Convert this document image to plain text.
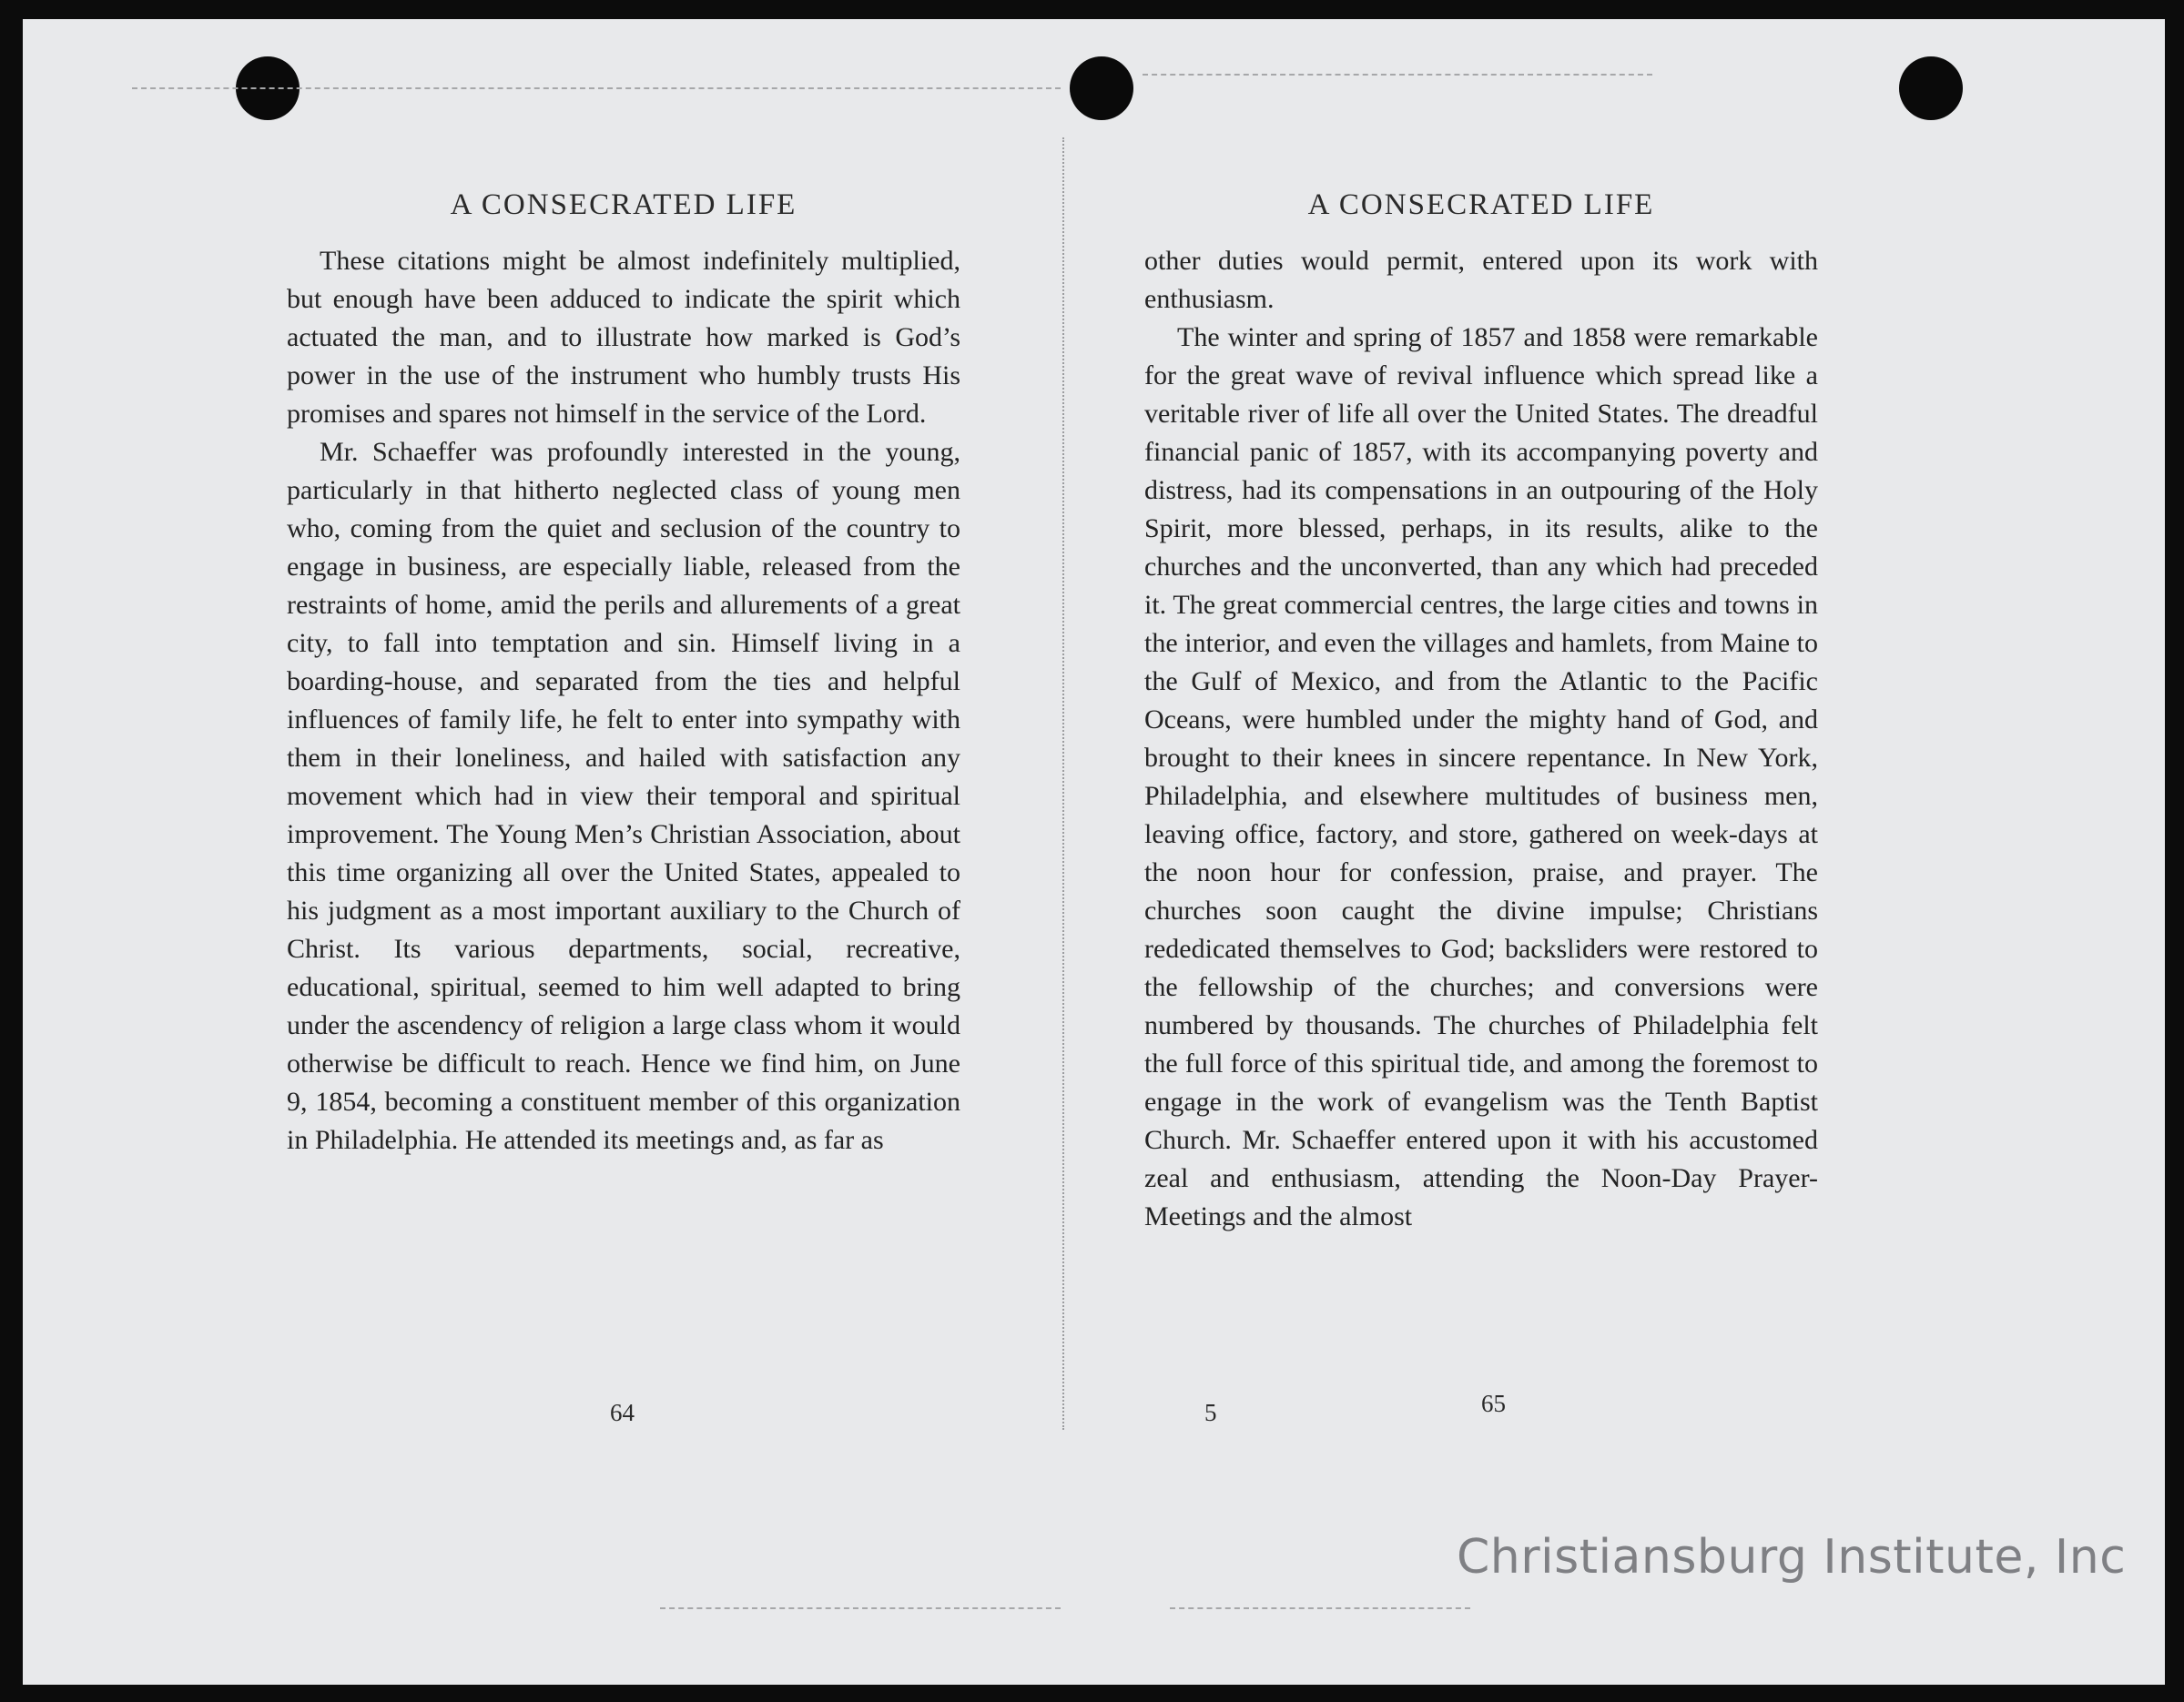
A CONSECRATED LIFE

These citations might be almost indefinitely multiplied, but enough have been adduced to indicate the spirit which actuated the man, and to illustrate how marked is God’s power in the use of the instrument who humbly trusts His promises and spares not himself in the service of the Lord.

Mr. Schaeffer was profoundly interested in the young, particularly in that hitherto neglected class of young men who, coming from the quiet and seclusion of the country to engage in business, are especially liable, released from the restraints of home, amid the perils and allurements of a great city, to fall into temptation and sin. Himself living in a boarding-house, and separated from the ties and helpful influences of family life, he felt to enter into sympathy with them in their loneliness, and hailed with satisfaction any movement which had in view their temporal and spiritual improvement. The Young Men’s Christian Association, about this time organizing all over the United States, appealed to his judgment as a most important auxiliary to the Church of Christ. Its various departments, social, recreative, educational, spiritual, seemed to him well adapted to bring under the ascendency of religion a large class whom it would otherwise be difficult to reach. Hence we find him, on June 9, 1854, becoming a constituent member of this organization in Philadelphia. He attended its meetings and, as far as

A CONSECRATED LIFE

other duties would permit, entered upon its work with enthusiasm.

The winter and spring of 1857 and 1858 were remarkable for the great wave of revival influence which spread like a veritable river of life all over the United States. The dreadful financial panic of 1857, with its accompanying poverty and distress, had its compensations in an outpouring of the Holy Spirit, more blessed, perhaps, in its results, alike to the churches and the unconverted, than any which had preceded it. The great commercial centres, the large cities and towns in the interior, and even the villages and hamlets, from Maine to the Gulf of Mexico, and from the Atlantic to the Pacific Oceans, were humbled under the mighty hand of God, and brought to their knees in sincere repentance. In New York, Philadelphia, and elsewhere multitudes of business men, leaving office, factory, and store, gathered on week-days at the noon hour for confession, praise, and prayer. The churches soon caught the divine impulse; Christians rededicated themselves to God; backsliders were restored to the fellowship of the churches; and conversions were numbered by thousands. The churches of Philadelphia felt the full force of this spiritual tide, and among the foremost to engage in the work of evangelism was the Tenth Baptist Church. Mr. Schaeffer entered upon it with his accustomed zeal and enthusiasm, attending the Noon-Day Prayer-Meetings and the almost

64	5	65
Christiansburg Institute, Inc
